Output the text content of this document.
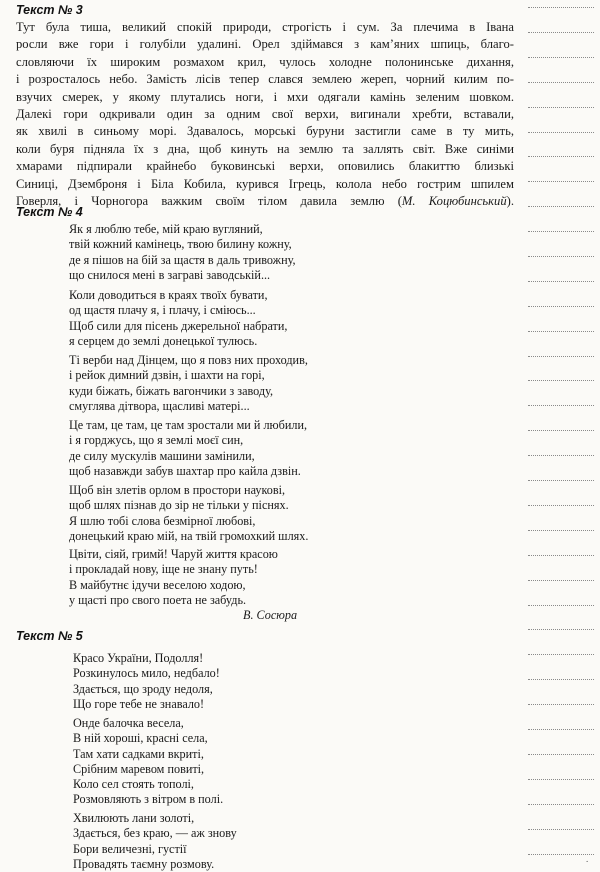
Текст № 3
Тут була тиша, великий спокій природи, строгість і сум. За плечима в Івана
росли вже гори і голубіли удалині. Орел здіймався з кам’яних шпиць, благо-
словляючи їх широким розмахом крил, чулось холодне полонинське дихання,
і розросталось небо. Замість лісів тепер слався землею жереп, чорний килим по-
взучих смерек, у якому плутались ноги, і мхи одягали камінь зеленим шовком.
Далекі гори одкривали один за одним свої верхи, вигинали хребти, вставали,
як хвилі в синьому морі. Здавалось, морські буруни застигли саме в ту мить,
коли буря підняла їх з дна, щоб кинуть на землю та заллять світ. Вже синіми
хмарами підпирали крайнебо буковинські верхи, оповились блакиттю близькі
Синиці, Дземброня і Біла Кобила, курився Ігрець, колола небо гострим шпилем
Говерля, і Чорногора важким своїм тілом давила землю (М. Коцюбинський).
Текст № 4
Як я люблю тебе, мій краю вугляний,
твій кожний камінець, твою билину кожну,
де я пішов на бій за щастя в даль тривожну,
що снилося мені в заграві заводській...
Коли доводиться в краях твоїх бувати,
од щастя плачу я, і плачу, і сміюсь...
Щоб сили для пісень джерельної набрати,
я серцем до землі донецької тулюсь.
Ті верби над Дінцем, що я повз них проходив,
і рейок димний дзвін, і шахти на горі,
куди біжать, біжать вагончики з заводу,
смуглява дітвора, щасливі матері...
Це там, це там, це там зростали ми й любили,
і я горджусь, що я землі моєї син,
де силу мускулів машини замінили,
щоб назавжди забув шахтар про кайла дзвін.
Щоб він злетів орлом в простори наукові,
щоб шлях пізнав до зір не тільки у піснях.
Я шлю тобі слова безмірної любові,
донецький краю мій, на твій громохкий шлях.
Цвіти, сіяй, гримй! Чаруй життя красою
і прокладай нову, іще не знану путь!
В майбутнє ідучи веселою ходою,
у щасті про свого поета не забудь.
В. Сосюра
Текст № 5
Красо України, Подолля!
Розкинулось мило, недбало!
Здається, що зроду недоля,
Що горе тебе не знавало!
Онде балочка весела,
В ній хороші, красні села,
Там хати садками вкриті,
Срібним маревом повиті,
Коло сел стоять тополі,
Розмовляють з вітром в полі.
Хвилюють лани золоті,
Здається, без краю, — аж знову
Бори величезні, густії
Провадять таємну розмову.	.
